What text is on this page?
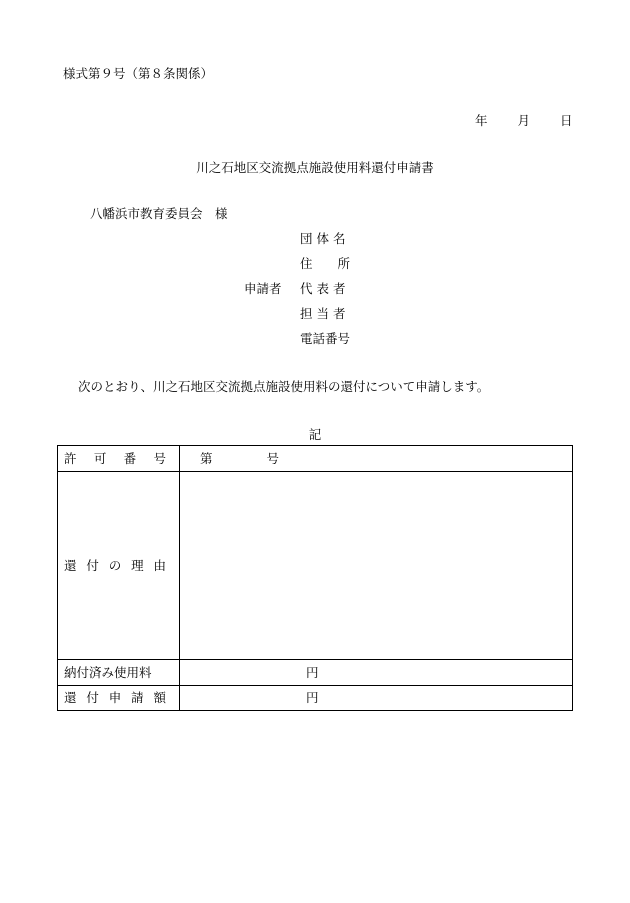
様式第９号（第８条関係）
年 月 日
川之石地区交流拠点施設使用料還付申請書
八幡浜市教育委員会　様
団 体 名
住　　所
申請者 代 表 者
担 当 者
電話番号
次のとおり、川之石地区交流拠点施設使用料の還付について申請します。
記
許 可 番 号	第 号

還 付 の 理 由	

納付済み使用料	円

還 付 申 請 額	円
